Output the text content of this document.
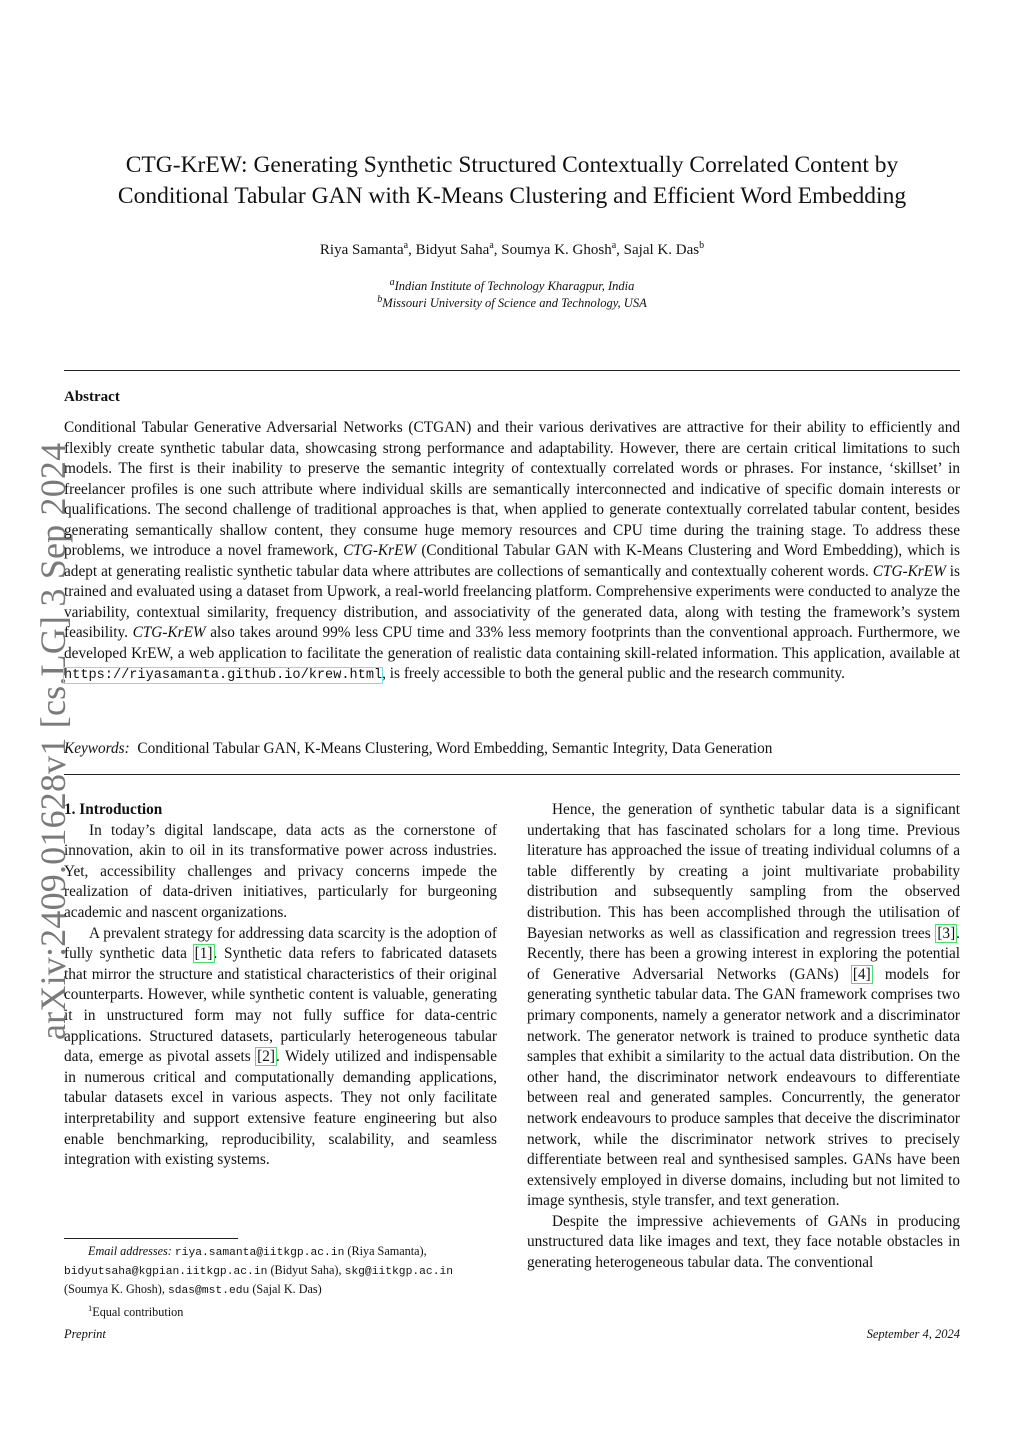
arXiv:2409.01628v1 [cs.LG] 3 Sep 2024
CTG-KrEW: Generating Synthetic Structured Contextually Correlated Content by
Conditional Tabular GAN with K-Means Clustering and Efficient Word Embedding
Riya Samanta$^a$, Bidyut Saha$^a$, Soumya K. Ghosh$^a$, Sajal K. Das$^b$
$^a$Indian Institute of Technology Kharagpur, India
$^b$Missouri University of Science and Technology, USA
Abstract

Conditional Tabular Generative Adversarial Networks (CTGAN) and their various derivatives are attractive for their ability to efficiently and flexibly create synthetic tabular data, showcasing strong performance and adaptability. However, there are certain critical limitations to such models. The first is their inability to preserve the semantic integrity of contextually correlated words or phrases. For instance, ‘skillset’ in freelancer profiles is one such attribute where individual skills are semantically interconnected and indicative of specific domain interests or qualifications. The second challenge of traditional approaches is that, when applied to generate contextually correlated tabular content, besides generating semantically shallow content, they consume huge memory resources and CPU time during the training stage. To address these problems, we introduce a novel framework, CTG-KrEW (Conditional Tabular GAN with K-Means Clustering and Word Embedding), which is adept at generating realistic synthetic tabular data where attributes are collections of semantically and contextually coherent words. CTG-KrEW is trained and evaluated using a dataset from Upwork, a real-world freelancing platform. Comprehensive experiments were conducted to analyze the variability, contextual similarity, frequency distribution, and associativity of the generated data, along with testing the framework’s system feasibility. CTG-KrEW also takes around 99% less CPU time and 33% less memory footprints than the conventional approach. Furthermore, we developed KrEW, a web application to facilitate the generation of realistic data containing skill-related information. This application, available at https://riyasamanta.github.io/krew.html, is freely accessible to both the general public and the research community.

Keywords: Conditional Tabular GAN, K-Means Clustering, Word Embedding, Semantic Integrity, Data Generation

1. Introduction

In today’s digital landscape, data acts as the cornerstone of innovation, akin to oil in its transformative power across industries. Yet, accessibility challenges and privacy concerns impede the realization of data-driven initiatives, particularly for burgeoning academic and nascent organizations.

A prevalent strategy for addressing data scarcity is the adoption of fully synthetic data [1]. Synthetic data refers to fabricated datasets that mirror the structure and statistical characteristics of their original counterparts. However, while synthetic content is valuable, generating it in unstructured form may not fully suffice for data-centric applications. Structured datasets, particularly heterogeneous tabular data, emerge as pivotal assets [2]. Widely utilized and indispensable in numerous critical and computationally demanding applications, tabular datasets excel in various aspects. They not only facilitate interpretability and support extensive feature engineering but also enable benchmarking, reproducibility, scalability, and seamless integration with existing systems.

Hence, the generation of synthetic tabular data is a significant undertaking that has fascinated scholars for a long time. Previous literature has approached the issue of treating individual columns of a table differently by creating a joint multivariate probability distribution and subsequently sampling from the observed distribution. This has been accomplished through the utilisation of Bayesian networks as well as classification and regression trees [3]. Recently, there has been a growing interest in exploring the potential of Generative Adversarial Networks (GANs) [4] models for generating synthetic tabular data. The GAN framework comprises two primary components, namely a generator network and a discriminator network. The generator network is trained to produce synthetic data samples that exhibit a similarity to the actual data distribution. On the other hand, the discriminator network endeavours to differentiate between real and generated samples. Concurrently, the generator network endeavours to produce samples that deceive the discriminator network, while the discriminator network strives to precisely differentiate between real and synthesised samples. GANs have been extensively employed in diverse domains, including but not limited to image synthesis, style transfer, and text generation.

Despite the impressive achievements of GANs in producing unstructured data like images and text, they face notable obstacles in generating heterogeneous tabular data. The conventional

Email addresses: riya.samanta@iitkgp.ac.in (Riya Samanta),
bidyutsaha@kgpian.iitkgp.ac.in (Bidyut Saha), skg@iitkgp.ac.in
(Soumya K. Ghosh), sdas@mst.edu (Sajal K. Das)
$^1$Equal contribution
Preprint	September 4, 2024
